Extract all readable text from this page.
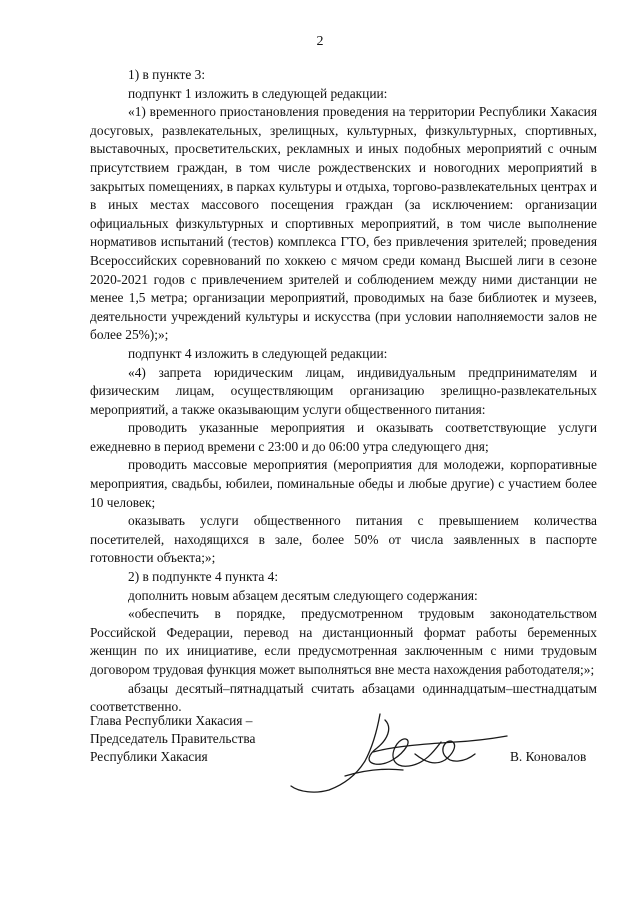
2

1) в пункте 3:

подпункт 1 изложить в следующей редакции:

«1) временного приостановления проведения на территории Республики Хакасия досуговых, развлекательных, зрелищных, культурных, физкультурных, спортивных, выставочных, просветительских, рекламных и иных подобных мероприятий с очным присутствием граждан, в том числе рождественских и новогодних мероприятий в закрытых помещениях, в парках культуры и отдыха, торгово-развлекательных центрах и в иных местах массового посещения граждан (за исключением: организации официальных физкультурных и спортивных мероприятий, в том числе выполнение нормативов испытаний (тестов) комплекса ГТО, без привлечения зрителей; проведения Всероссийских соревнований по хоккею с мячом среди команд Высшей лиги в сезоне 2020-2021 годов с привлечением зрителей и соблюдением между ними дистанции не менее 1,5 метра; организации мероприятий, проводимых на базе библиотек и музеев, деятельности учреждений культуры и искусства (при условии наполняемости залов не более 25%);»;

подпункт 4 изложить в следующей редакции:

«4) запрета юридическим лицам, индивидуальным предпринимателям и физическим лицам, осуществляющим организацию зрелищно-развлекательных мероприятий, а также оказывающим услуги общественного питания:

проводить указанные мероприятия и оказывать соответствующие услуги ежедневно в период времени с 23:00 и до 06:00 утра следующего дня;

проводить массовые мероприятия (мероприятия для молодежи, корпоративные мероприятия, свадьбы, юбилеи, поминальные обеды и любые другие) с участием более 10 человек;

оказывать услуги общественного питания с превышением количества посетителей, находящихся в зале, более 50% от числа заявленных в паспорте готовности объекта;»;

2) в подпункте 4 пункта 4:

дополнить новым абзацем десятым следующего содержания:

«обеспечить в порядке, предусмотренном трудовым законодательством Российской Федерации, перевод на дистанционный формат работы беременных женщин по их инициативе, если предусмотренная заключенным с ними трудовым договором трудовая функция может выполняться вне места нахождения работодателя;»;

абзацы десятый–пятнадцатый считать абзацами одиннадцатым–шестнадцатым соответственно.

Глава Республики Хакасия –
Председатель Правительства
Республики Хакасия	В. Коновалов
